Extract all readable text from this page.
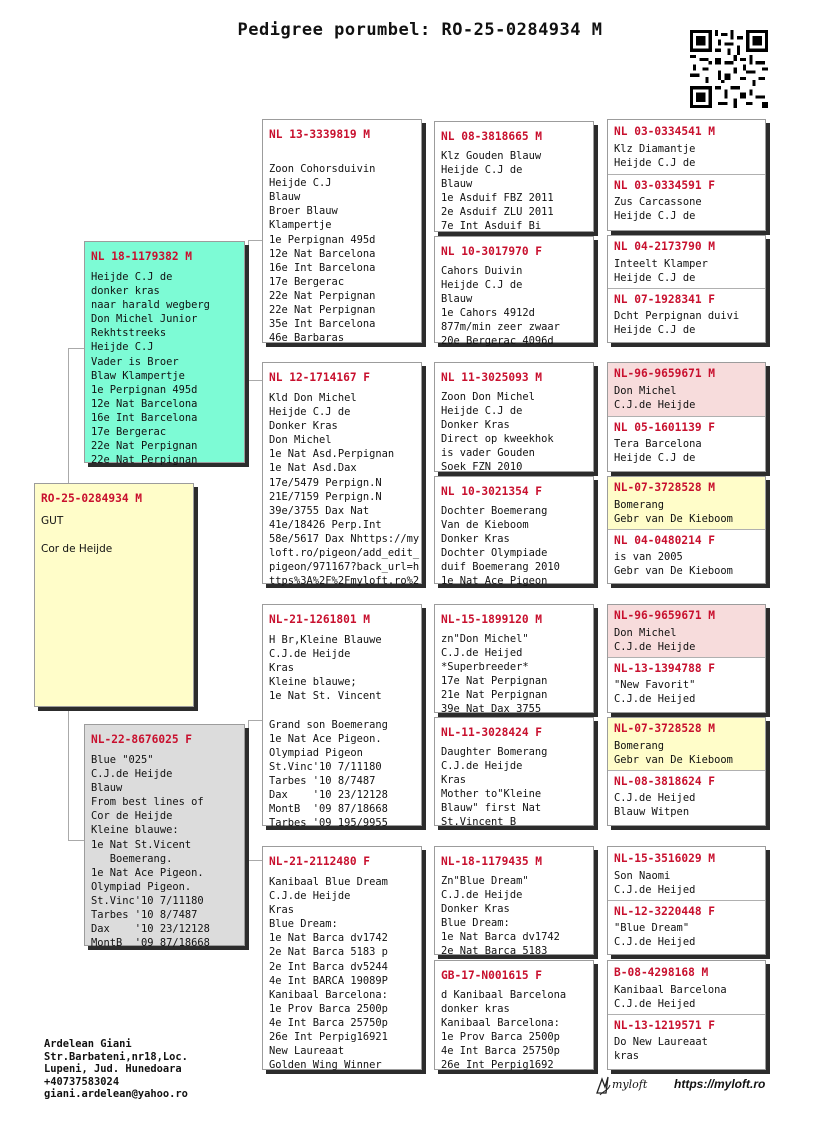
Pedigree porumbel: RO-25-0284934 M
RO-25-0284934 M
GUT

Cor de Heijde
NL 18-1179382 M
Heijde C.J de
donker kras
naar harald wegberg
Don Michel Junior
Rekhtstreeks
Heijde C.J
Vader is Broer
Blaw Klampertje
1e Perpignan 495d
12e Nat Barcelona
16e Int Barcelona
17e Bergerac
22e Nat Perpignan
22e Nat Perpignan
NL-22-8676025 F
Blue "025"
C.J.de Heijde
Blauw
From best lines of
Cor de Heijde
Kleine blauwe:
1e Nat St.Vicent
Boemerang.
1e Nat Ace Pigeon.
Olympiad Pigeon.
St.Vinc'10 7/11180
Tarbes '10 8/7487
Dax    '10 23/12128
MontB  '09 87/18668
NL 13-3339819 M

Zoon Cohorsduivin
Heijde C.J
Blauw
Broer Blauw
Klampertje
1e Perpignan 495d
12e Nat Barcelona
16e Int Barcelona
17e Bergerac
22e Nat Perpignan
22e Nat Perpignan
35e Int Barcelona
46e Barbaras
NL 12-1714167 F
Kld Don Michel
Heijde C.J de
Donker Kras
Don Michel
1e Nat Asd.Perpignan
1e Nat Asd.Dax
17e/5479 Perpign.N
21E/7159 Perpign.N
39e/3755 Dax Nat
41e/18426 Perp.Int
58e/5617 Dax Nhttps://my
loft.ro/pigeon/add_edit_
pigeon/971167?back_url=h
ttps%3A%2F%2Fmyloft.ro%2
NL-21-1261801 M
H Br,Kleine Blauwe
C.J.de Heijde
Kras
Kleine blauwe;
1e Nat St. Vincent

Grand son Boemerang
1e Nat Ace Pigeon.
Olympiad Pigeon
St.Vinc'10 7/11180
Tarbes '10 8/7487
Dax    '10 23/12128
MontB  '09 87/18668
Tarbes '09 195/9955
NL-21-2112480 F
Kanibaal Blue Dream
C.J.de Heijde
Kras
Blue Dream:
1e Nat Barca dv1742
2e Nat Barca 5183 p
2e Int Barca dv5244
4e Int BARCA 19089P
Kanibaal Barcelona:
1e Prov Barca 2500p
4e Int Barca 25750p
26e Int Perpig16921
New Laureaat
Golden Wing Winner
NL 08-3818665 M
Klz Gouden Blauw
Heijde C.J de
Blauw
1e Asduif FBZ 2011
2e Asduif ZLU 2011
7e Int Asduif Bi
NL 10-3017970 F
Cahors Duivin
Heijde C.J de
Blauw
1e Cahors 4912d
877m/min zeer zwaar
20e Bergerac 4096d
NL 11-3025093 M
Zoon Don Michel
Heijde C.J de
Donker Kras
Direct op kweekhok
is vader Gouden
Soek FZN 2010
NL 10-3021354 F
Dochter Boemerang
Van de Kieboom
Donker Kras
Dochter Olympiade
duif Boemerang 2010
1e Nat Ace Pigeon
NL-15-1899120 M
zn"Don Michel"
C.J.de Heijed
*Superbreeder*
17e Nat Perpignan
21e Nat Perpignan
39e Nat Dax 3755
NL-11-3028424 F
Daughter Bomerang
C.J.de Heijde
Kras
Mother to"Kleine
Blauw" first Nat
St.Vincent B
NL-18-1179435 M
Zn"Blue Dream"
C.J.de Heijde
Donker Kras
Blue Dream:
1e Nat Barca dv1742
2e Nat Barca 5183
GB-17-N001615 F
d Kanibaal Barcelona
donker kras
Kanibaal Barcelona:
1e Prov Barca 2500p
4e Int Barca 25750p
26e Int Perpig1692
NL 03-0334541 M
Klz Diamantje
Heijde C.J de
NL 03-0334591 F
Zus Carcassone
Heijde C.J de
NL 04-2173790 M
Inteelt Klamper
Heijde C.J de
NL 07-1928341 F
Dcht Perpignan duivi
Heijde C.J de
NL-96-9659671 M
Don Michel
C.J.de Heijde
NL 05-1601139 F
Tera Barcelona
Heijde C.J de
NL-07-3728528 M
Bomerang
Gebr van De Kieboom
NL 04-0480214 F
is van 2005
Gebr van De Kieboom
NL-96-9659671 M
Don Michel
C.J.de Heijde
NL-13-1394788 F
"New Favorit"
C.J.de Heijed
NL-07-3728528 M
Bomerang
Gebr van De Kieboom
NL-08-3818624 F
C.J.de Heijed
Blauw Witpen
NL-15-3516029 M
Son Naomi
C.J.de Heijed
NL-12-3220448 F
"Blue Dream"
C.J.de Heijed
B-08-4298168 M
Kanibaal Barcelona
C.J.de Heijed
NL-13-1219571 F
Do New Laureaat
kras
Ardelean Giani
Str.Barbateni,nr18,Loc.
Lupeni, Jud. Hunedoara
+40737583024
giani.ardelean@yahoo.ro
myloft https://myloft.ro
